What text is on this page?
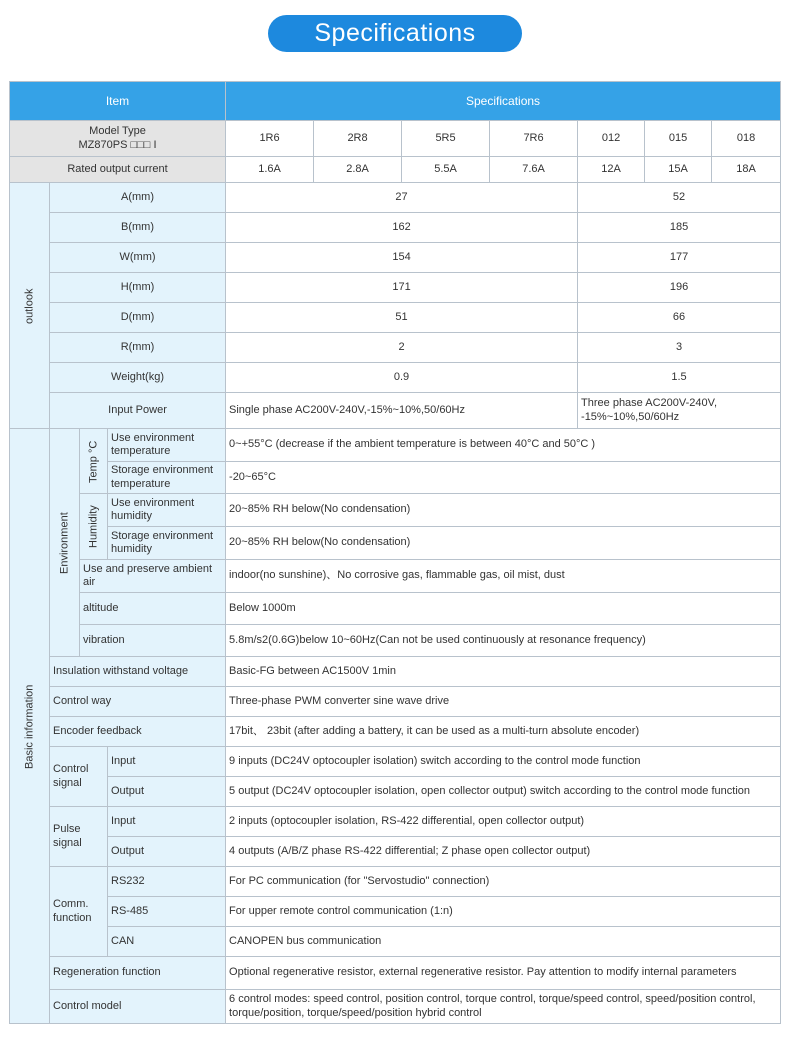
Specifications
Item				Specifications						
Model Type
MZ870PS □□□ I				1R6	2R8	5R5	7R6	012	015	018
Rated output current				1.6A	2.8A	5.5A	7.6A	12A	15A	18A
outlook	A(mm)			27				52		
	B(mm)			162				185		
	W(mm)			154				177		
	H(mm)			171				196		
	D(mm)			51				66		
	R(mm)			2				3		
	Weight(kg)			0.9				1.5		
	Input Power			Single phase AC200V-240V,-15%~10%,50/60Hz				Three phase AC200V-240V,
-15%~10%,50/60Hz		
Basic information	Environment	Temp °C	Use environment temperature	0~+55°C (decrease if the ambient temperature is between 40°C and 50°C )						
			Storage environment temperature	-20~65°C						
		Humidity	Use environment humidity	20~85% RH below(No condensation)						
			Storage environment humidity	20~85% RH below(No condensation)						
		Use and preserve ambient air		indoor(no sunshine)、No corrosive gas, flammable gas, oil mist, dust						
		altitude		Below 1000m						
		vibration		5.8m/s2(0.6G)below 10~60Hz(Can not be used continuously at resonance frequency)						
	Insulation withstand voltage			Basic-FG between AC1500V 1min						
	Control way			Three-phase PWM converter sine wave drive						
	Encoder feedback			17bit、 23bit (after adding a battery, it can be used as a multi-turn absolute encoder)						
	Control signal		Input	9 inputs (DC24V optocoupler isolation) switch according to the control mode function						
			Output	5 output (DC24V optocoupler isolation, open collector output) switch according to the control mode function						
	Pulse signal		Input	2 inputs (optocoupler isolation, RS-422 differential, open collector output)						
			Output	4 outputs (A/B/Z phase RS-422 differential; Z phase open collector output)						
	Comm. function		RS232	For PC communication (for "Servostudio" connection)						
			RS-485	For upper remote control communication (1:n)						
			CAN	CANOPEN bus communication						
	Regeneration function			Optional regenerative resistor, external regenerative resistor. Pay attention to modify internal parameters						
	Control model			6 control modes: speed control, position control, torque control, torque/speed control, speed/position control, torque/position, torque/speed/position hybrid control						
